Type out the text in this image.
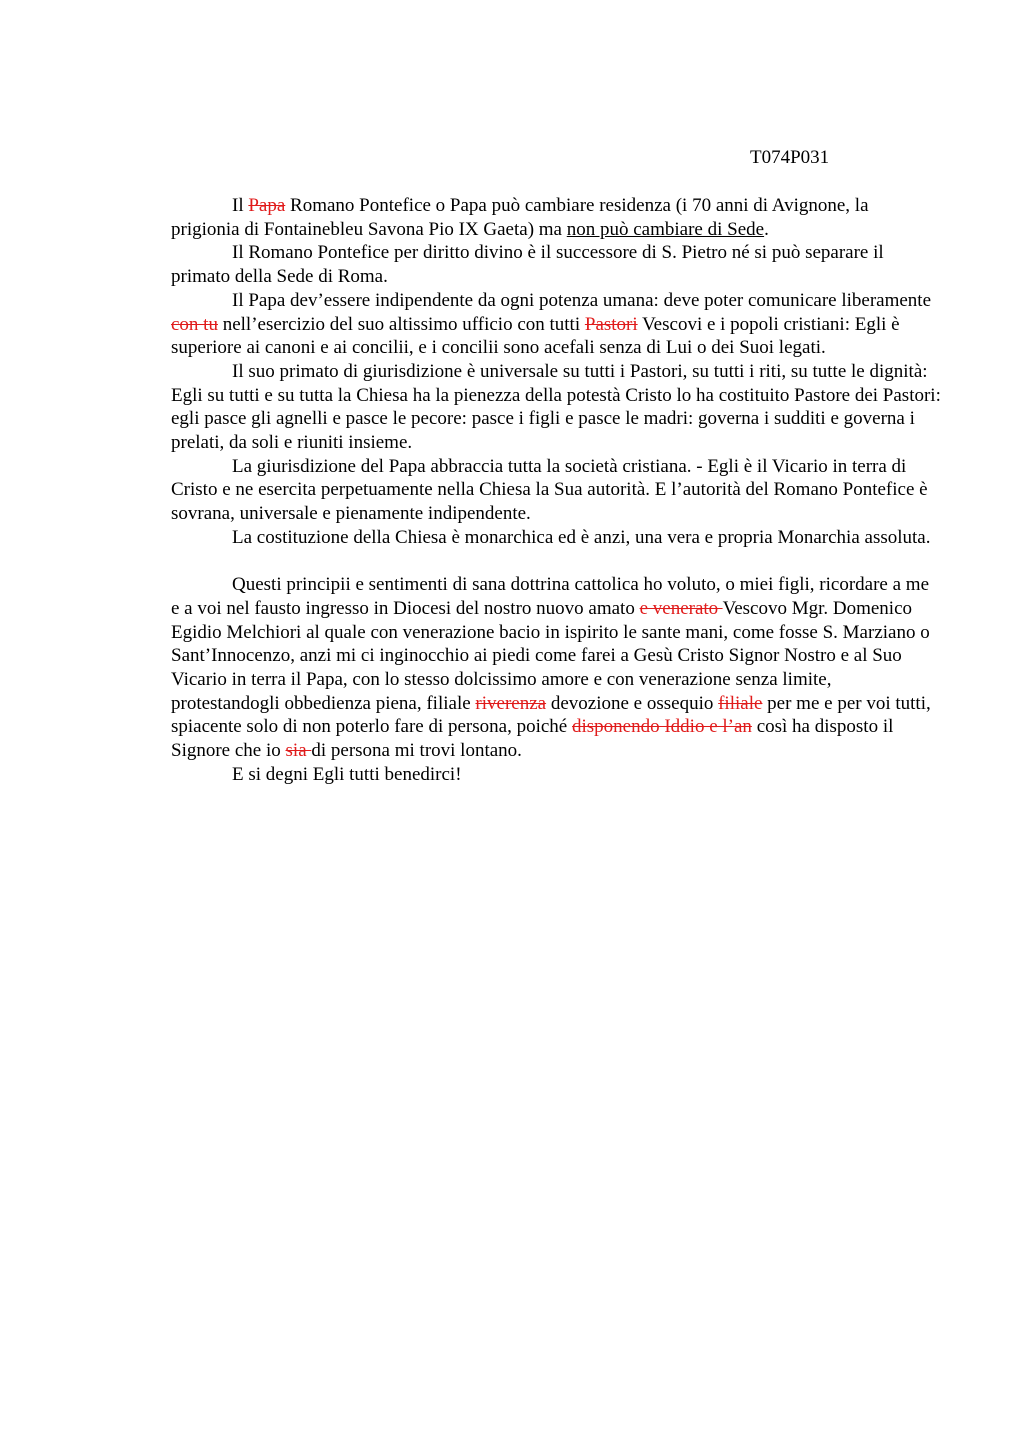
T074P031

Il Papa Romano Pontefice o Papa può cambiare residenza (i 70 anni di Avignone, la prigionia di Fontainebleu Savona Pio IX Gaeta) ma non può cambiare di Sede.

Il Romano Pontefice per diritto divino è il successore di S. Pietro né si può separare il primato della Sede di Roma.

Il Papa dev’essere indipendente da ogni potenza umana: deve poter comunicare liberamente con tu nell’esercizio del suo altissimo ufficio con tutti Pastori Vescovi e i popoli cristiani: Egli è superiore ai canoni e ai concilii, e i concilii sono acefali senza di Lui o dei Suoi legati.

Il suo primato di giurisdizione è universale su tutti i Pastori, su tutti i riti, su tutte le dignità: Egli su tutti e su tutta la Chiesa ha la pienezza della potestà Cristo lo ha costituito Pastore dei Pastori: egli pasce gli agnelli e pasce le pecore: pasce i figli e pasce le madri: governa i sudditi e governa i prelati, da soli e riuniti insieme.

La giurisdizione del Papa abbraccia tutta la società cristiana. - Egli è il Vicario in terra di Cristo e ne esercita perpetuamente nella Chiesa la Sua autorità. E l’autorità del Romano Pontefice è sovrana, universale e pienamente indipendente.

La costituzione della Chiesa è monarchica ed è anzi, una vera e propria Monarchia assoluta.

Questi principii e sentimenti di sana dottrina cattolica ho voluto, o miei figli, ricordare a me e a voi nel fausto ingresso in Diocesi del nostro nuovo amato e venerato Vescovo Mgr. Domenico Egidio Melchiori al quale con venerazione bacio in ispirito le sante mani, come fosse S. Marziano o Sant’Innocenzo, anzi mi ci inginocchio ai piedi come farei a Gesù Cristo Signor Nostro e al Suo Vicario in terra il Papa, con lo stesso dolcissimo amore e con venerazione senza limite, protestandogli obbedienza piena, filiale riverenza devozione e ossequio filiale per me e per voi tutti, spiacente solo di non poterlo fare di persona, poiché disponendo Iddio e l’an così ha disposto il Signore che io sia di persona mi trovi lontano.

E si degni Egli tutti benedirci!
